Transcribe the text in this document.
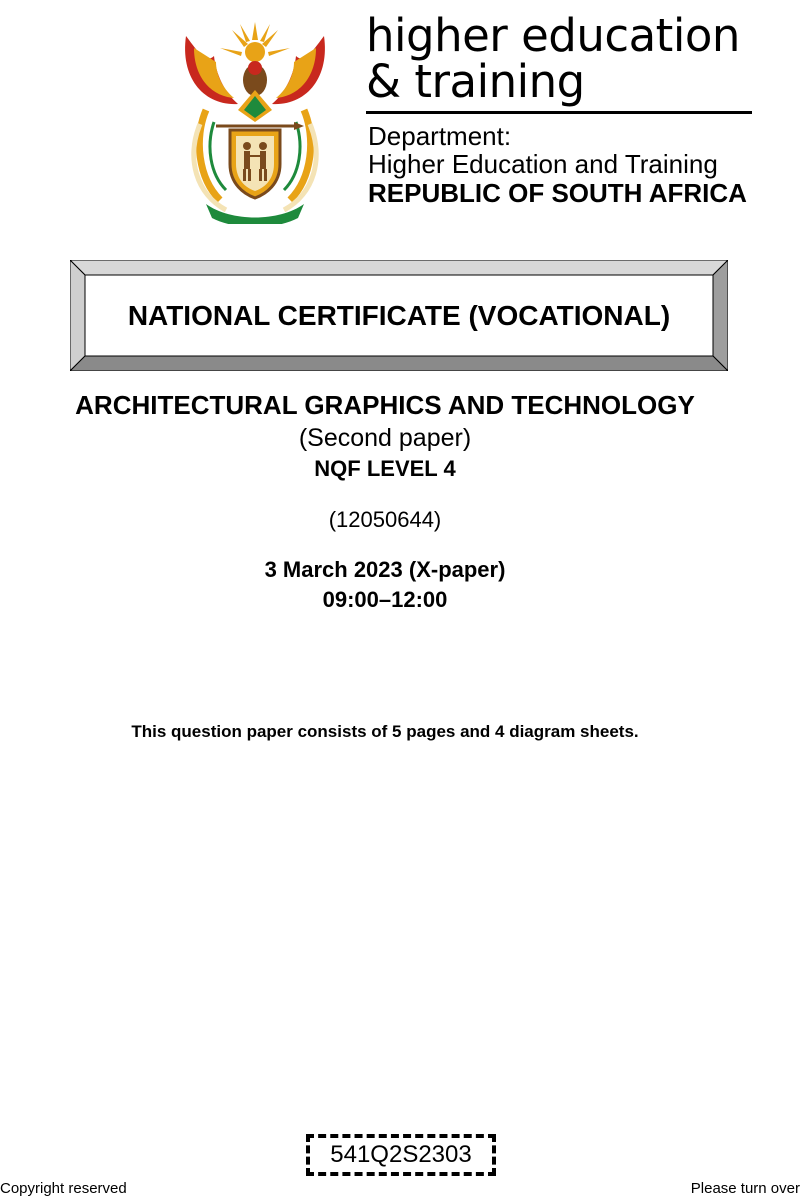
higher education
& training
Department:
Higher Education and Training
REPUBLIC OF SOUTH AFRICA
NATIONAL CERTIFICATE (VOCATIONAL)
ARCHITECTURAL GRAPHICS AND TECHNOLOGY
(Second paper)
NQF LEVEL 4
(12050644)
3 March 2023 (X-paper)
09:00–12:00
This question paper consists of 5 pages and 4 diagram sheets.
541Q2S2303
Copyright reserved	Please turn over
